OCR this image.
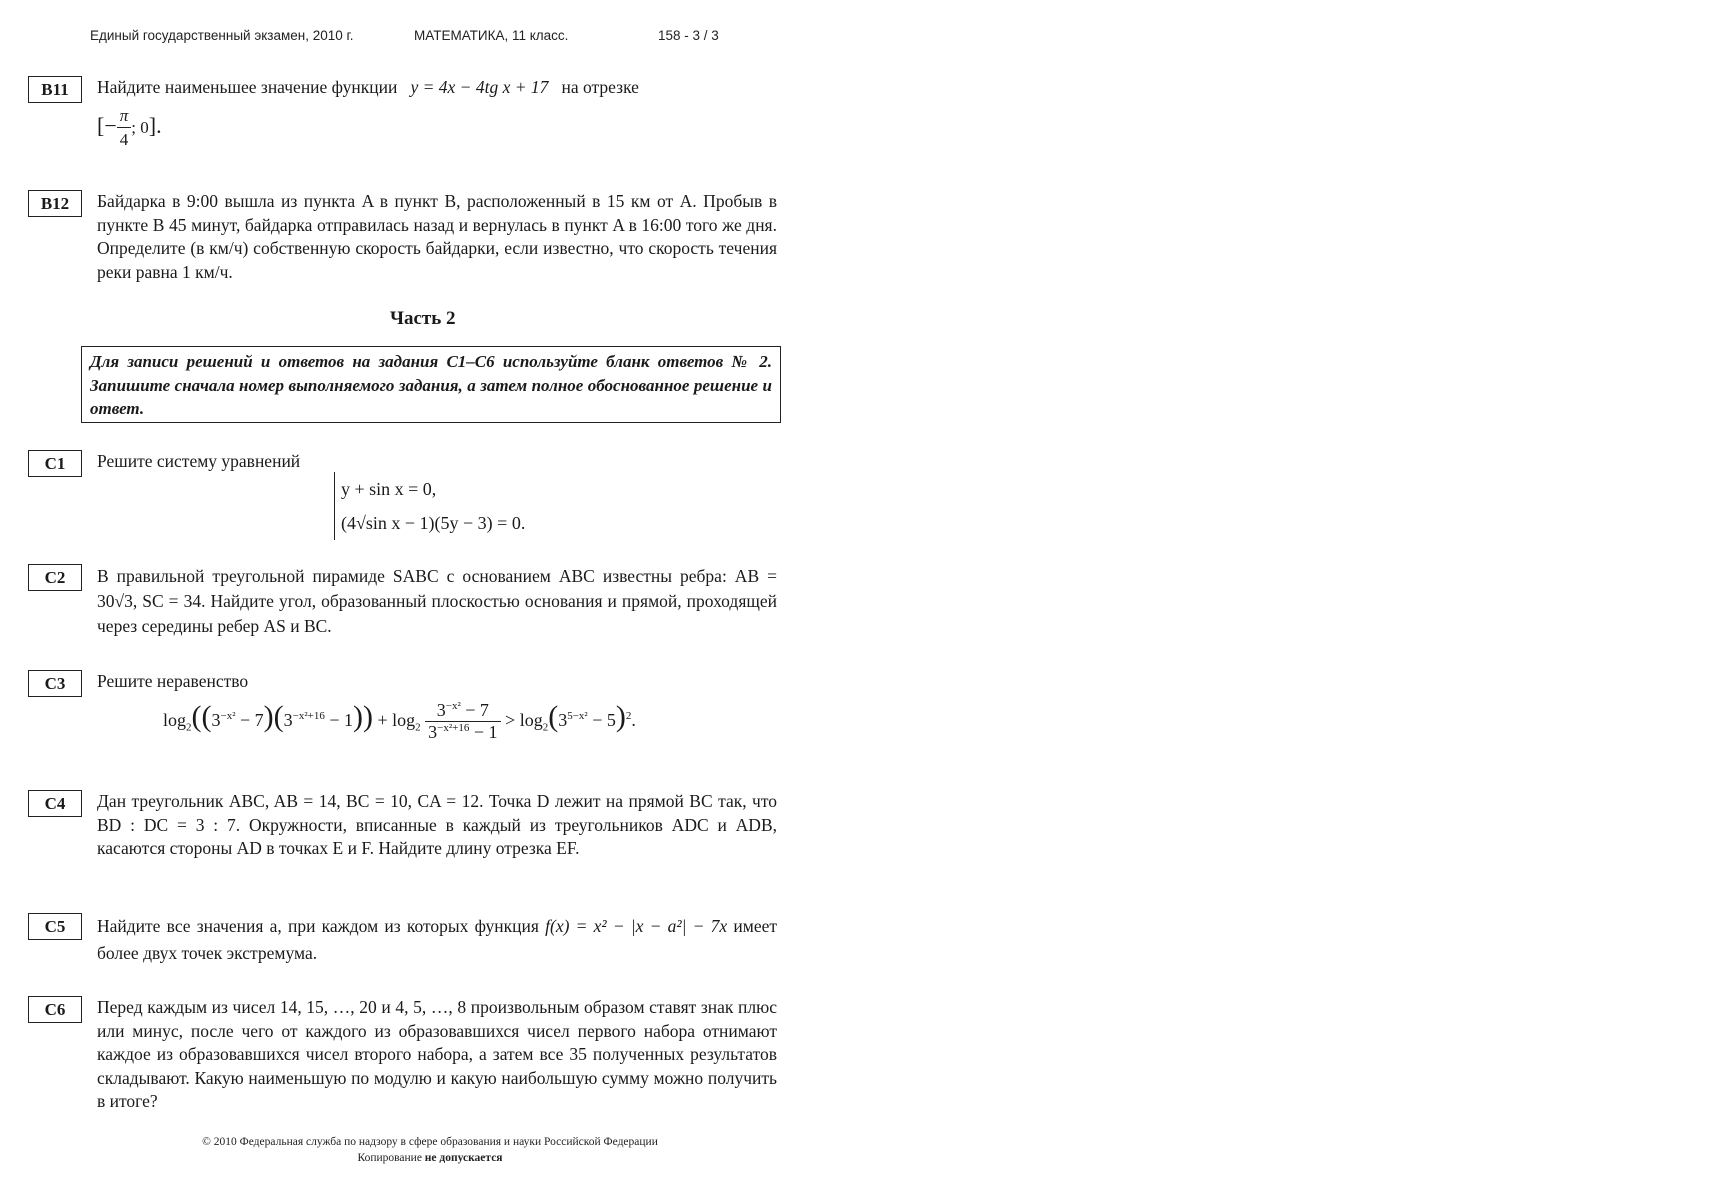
Единый государственный экзамен, 2010 г.	МАТЕМАТИКА, 11 класс.	158 - 3 / 3
B11	Найдите наименьшее значение функции y = 4x − 4tg x + 17 на отрезке

[− $\frac{\pi}{4}$ ; 0].

B12	Байдарка в 9:00 вышла из пункта A в пункт B, расположенный в 15 км от A. Пробыв в пункте B 45 минут, байдарка отправилась назад и вернулась в пункт A в 16:00 того же дня. Определите (в км/ч) собственную скорость байдарки, если известно, что скорость течения реки равна 1 км/ч.
Часть 2
Для записи решений и ответов на задания C1–C6 используйте бланк ответов № 2. Запишите сначала номер выполняемого задания, а затем полное обоснованное решение и ответ.
C1	Решите систему уравнений
y + sin x = 0,
(4√sin x − 1)(5y − 3) = 0.
C2	В правильной треугольной пирамиде SABC с основанием ABC известны ребра: AB = 30√3, SC = 34. Найдите угол, образованный плоскостью основания и прямой, проходящей через середины ребер AS и BC.
C3	Решите неравенство
$\log_2((3^{-x^2} - 7)(3^{-x^2+16} - 1)) + \log_2 \frac{3^{-x^2} - 7}{3^{-x^2+16} - 1} > \log_2(3^{5-x^2} - 5)^2$.
C4	Дан треугольник ABC, AB = 14, BC = 10, CA = 12. Точка D лежит на прямой BC так, что BD : DC = 3 : 7. Окружности, вписанные в каждый из треугольников ADC и ADB, касаются стороны AD в точках E и F. Найдите длину отрезка EF.
C5	Найдите все значения a, при каждом из которых функция f(x) = x² − |x − a²| − 7x имеет более двух точек экстремума.
C6	Перед каждым из чисел 14, 15, …, 20 и 4, 5, …, 8 произвольным образом ставят знак плюс или минус, после чего от каждого из образовавшихся чисел первого набора отнимают каждое из образовавшихся чисел второго набора, а затем все 35 полученных результатов складывают. Какую наименьшую по модулю и какую наибольшую сумму можно получить в итоге?
© 2010 Федеральная служба по надзору в сфере образования и науки Российской Федерации
Копирование не допускается
